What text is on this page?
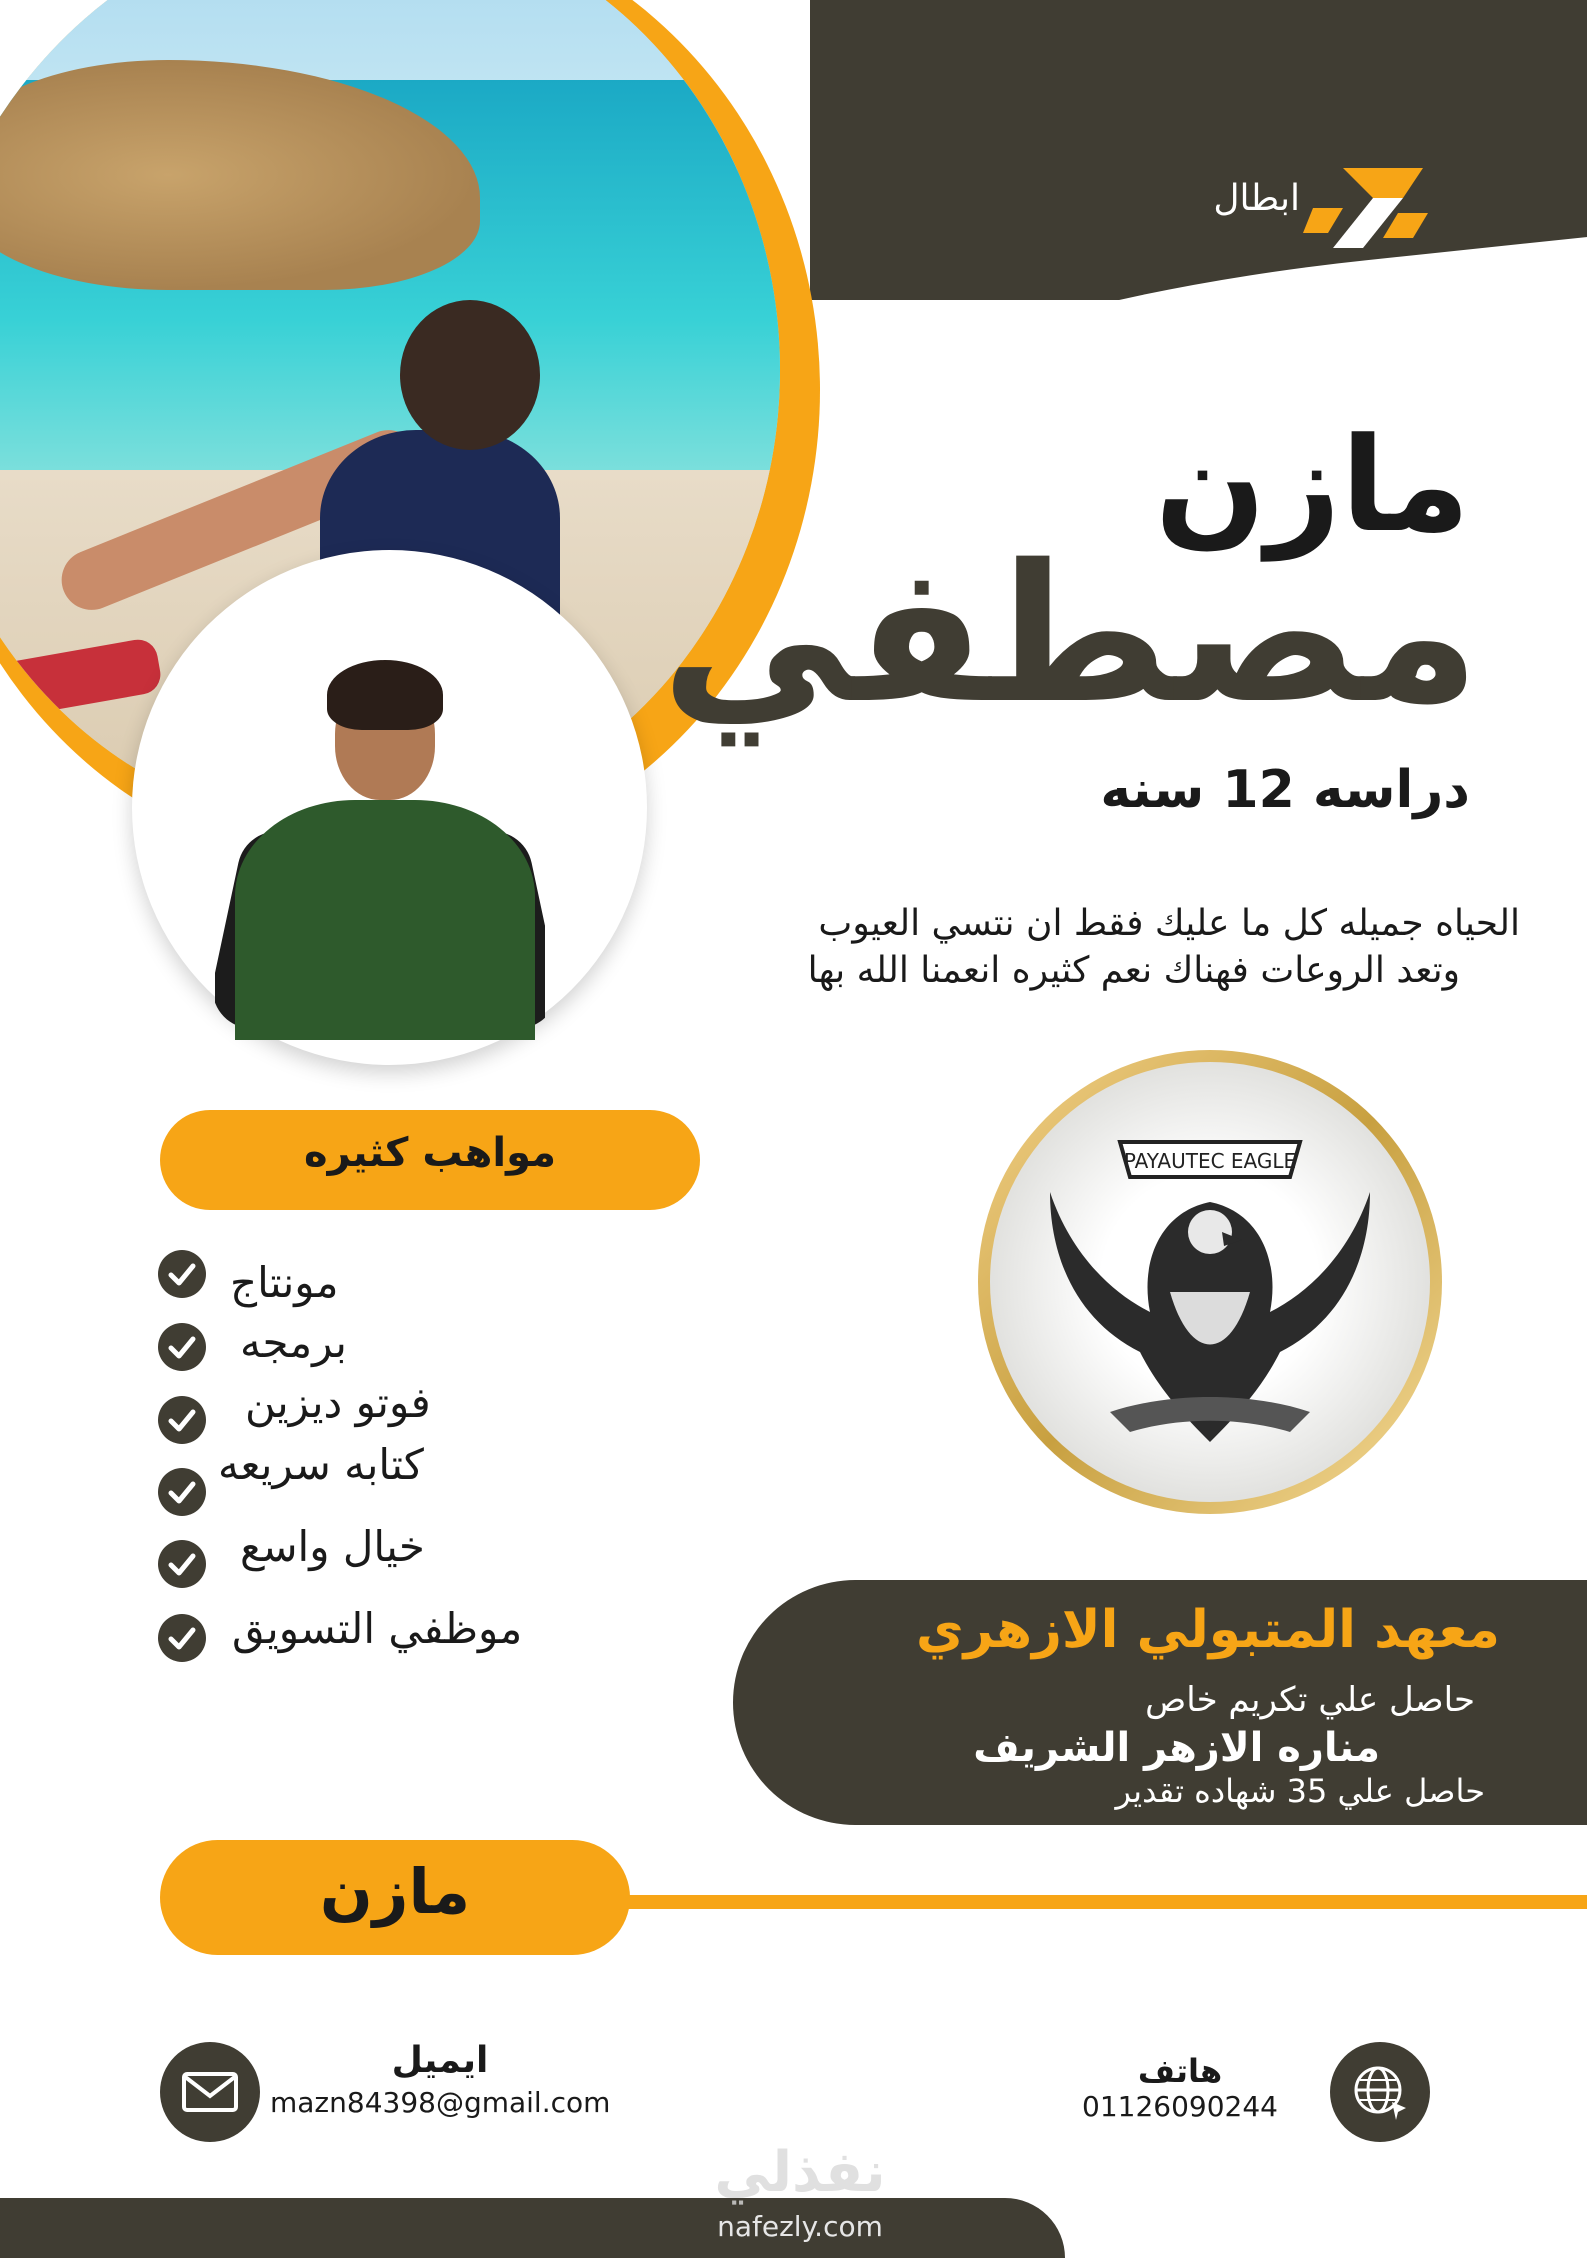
ابطال
مازن
مصطفي
دراسه 12 سنه
الحياه جميله كل ما عليك فقط ان نتسي العيوب
وتعد الروعات فهناك نعم كثيره انعمنا الله بها
PAYAUTEC EAGLE
مواهب كثيره
مونتاج
برمجه
فوتو ديزين
كتابه سريعه
خيال واسع
موظفي التسويق	معهد المتبولي الازهري
حاصل علي تكريم خاص
مناره الازهر الشريف
حاصل علي 35 شهاده تقدير
مازن
ايميل
mazn84398@gmail.com
هاتف
01126090244
نفذلي
nafezly.com
